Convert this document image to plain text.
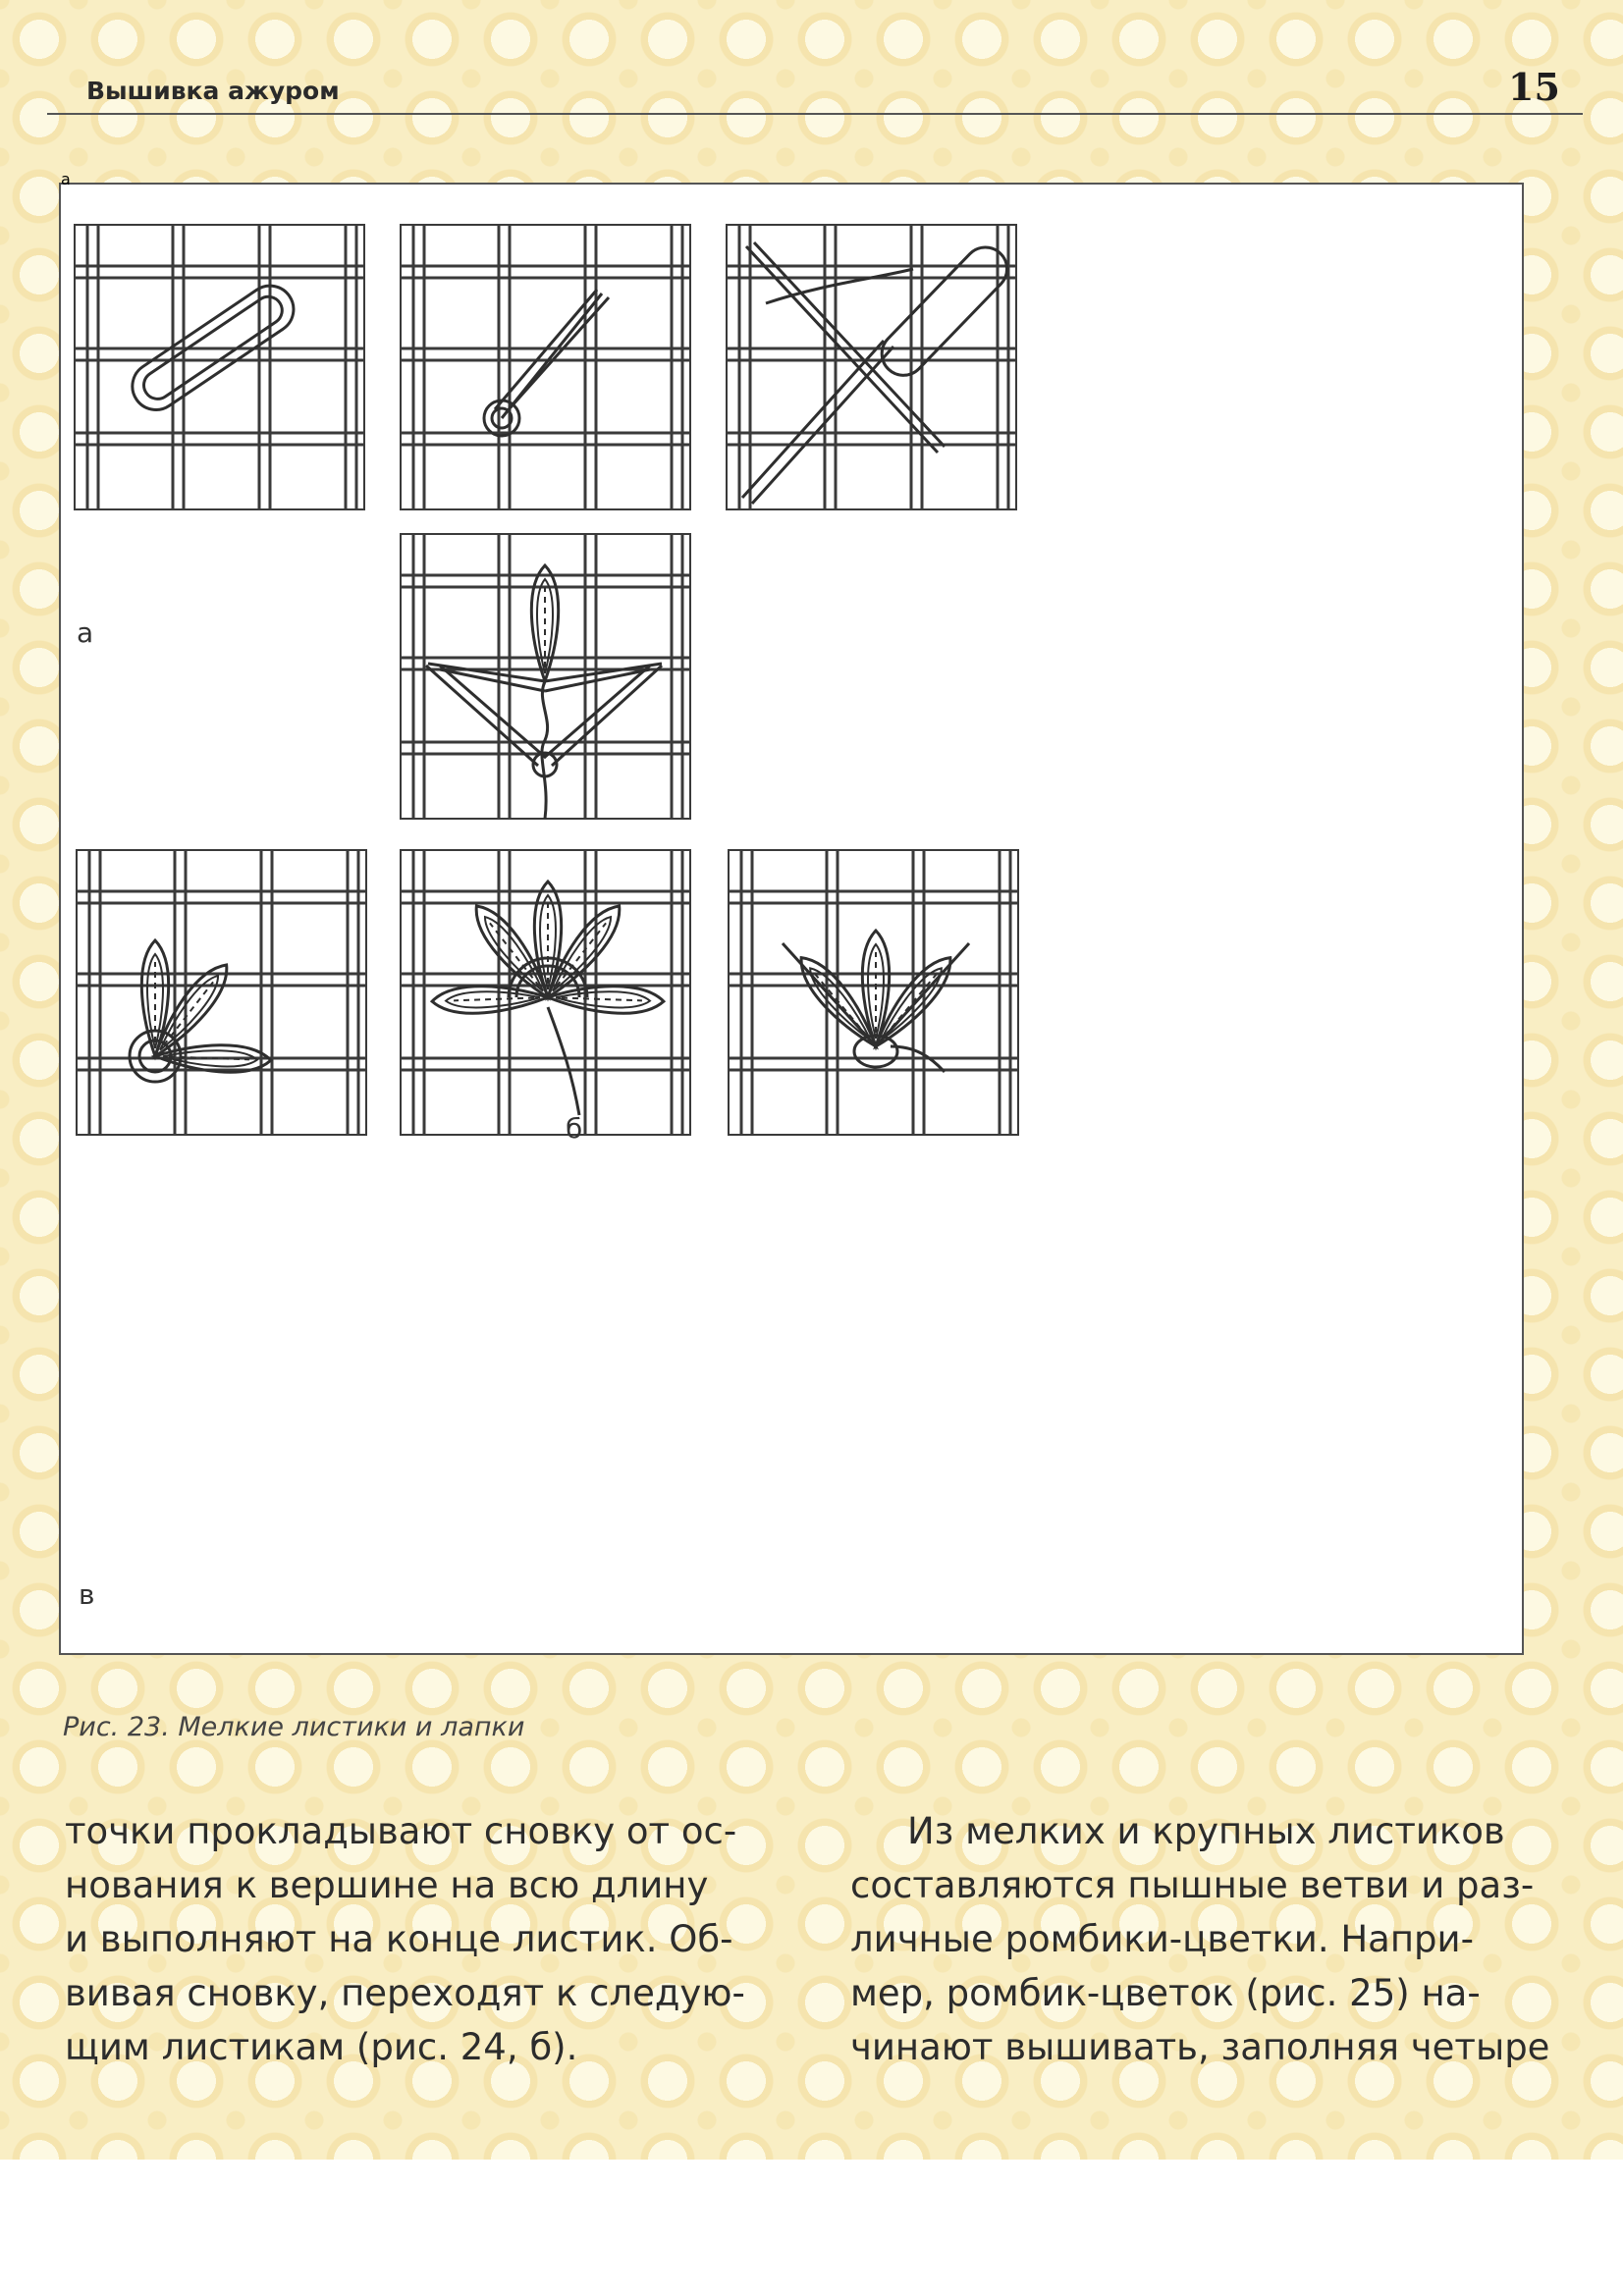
Вышивка ажуром	15
а
а
б
в
Рис. 23. Мелкие листики и лапки
точки прокладывают сновку от ос-
нования к вершине на всю длину
и выполняют на конце листик. Об-
вивая сновку, переходят к следую-
щим листикам (рис. 24, б).
Из мелких и крупных листиков
составляются пышные ветви и раз-
личные ромбики-цветки. Напри-
мер, ромбик-цветок (рис. 25) на-
чинают вышивать, заполняя четыре
